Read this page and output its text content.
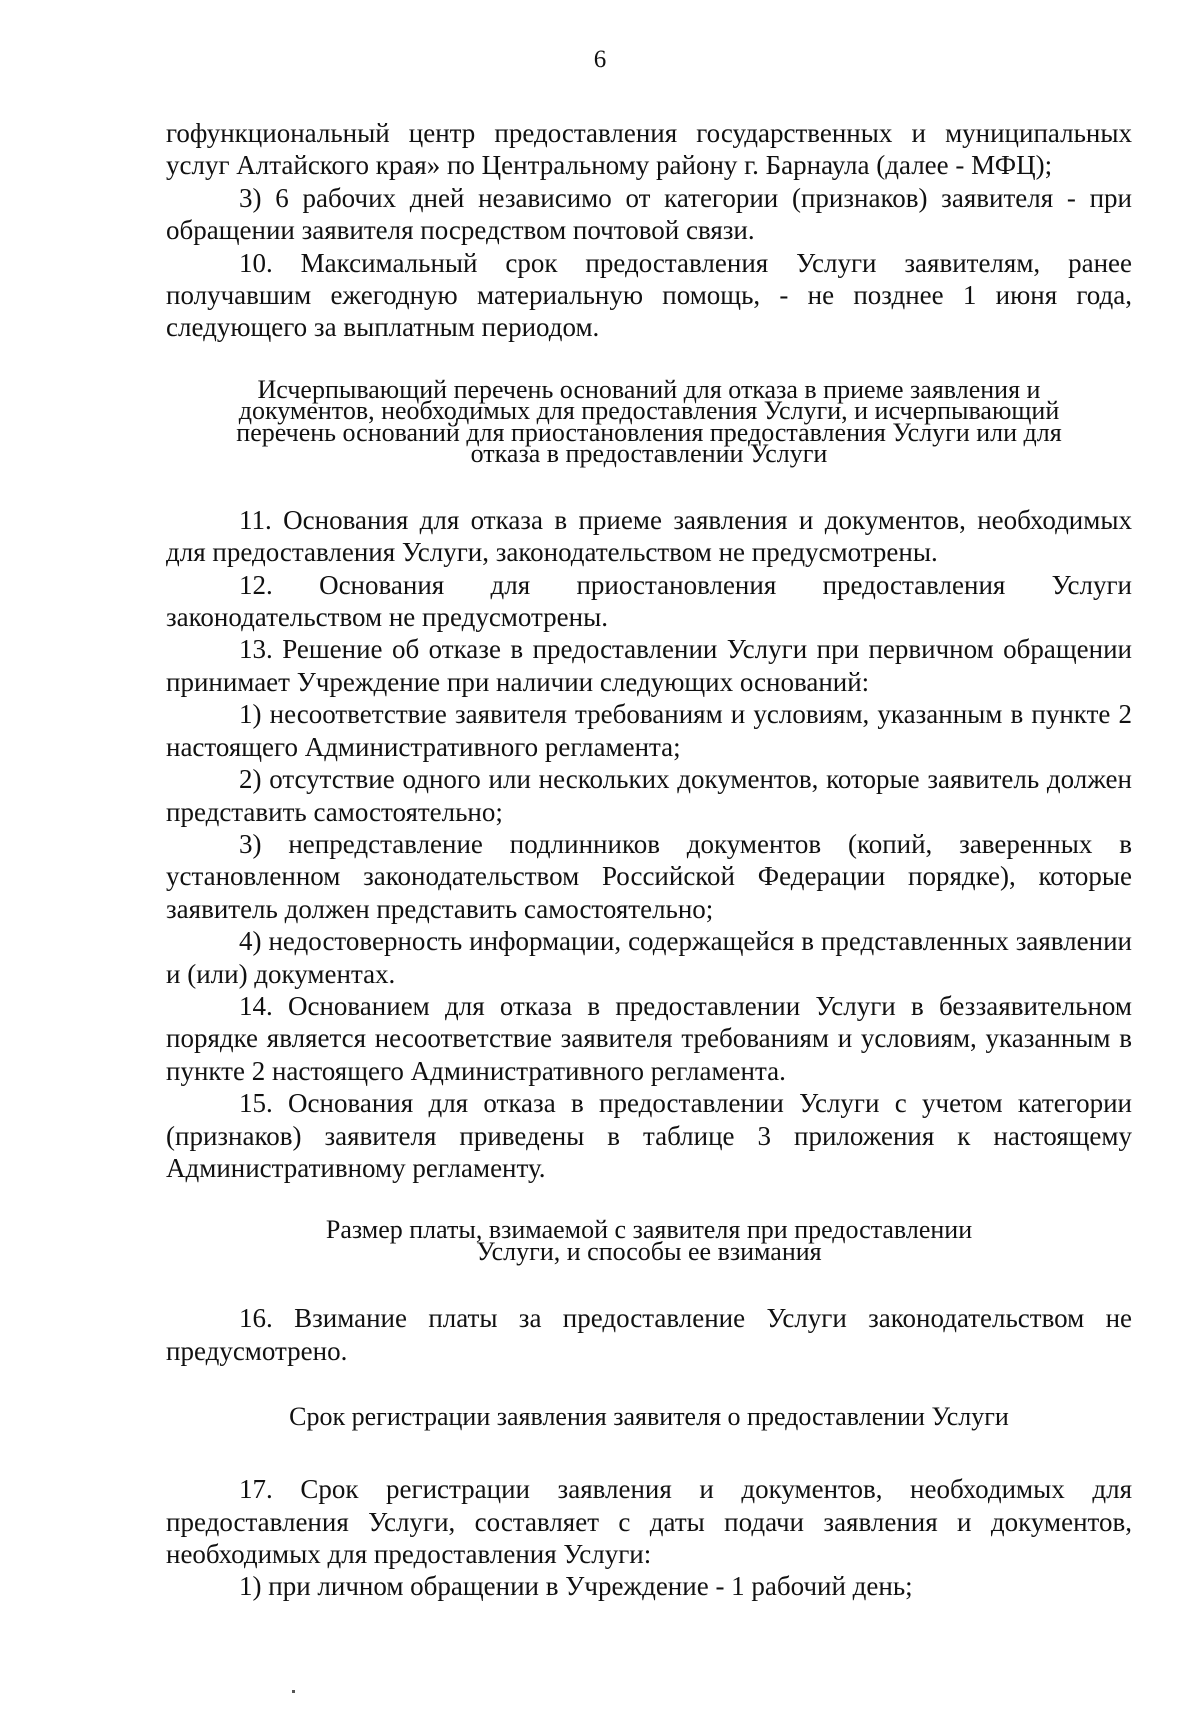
6

гофункциональный центр предоставления государственных и муниципальных услуг Алтайского края» по Центральному району г. Барнаула (далее - МФЦ);

3) 6 рабочих дней независимо от категории (признаков) заявителя - при обращении заявителя посредством почтовой связи.

10. Максимальный срок предоставления Услуги заявителям, ранее получавшим ежегодную материальную помощь, - не позднее 1 июня года, следующего за выплатным периодом.

Исчерпывающий перечень оснований для отказа в приеме заявления и документов, необходимых для предоставления Услуги, и исчерпывающий перечень оснований для приостановления предоставления Услуги или для отказа в предоставлении Услуги

11. Основания для отказа в приеме заявления и документов, необходимых для предоставления Услуги, законодательством не предусмотрены.

12. Основания для приостановления предоставления Услуги законодательством не предусмотрены.

13. Решение об отказе в предоставлении Услуги при первичном обращении принимает Учреждение при наличии следующих оснований:

1) несоответствие заявителя требованиям и условиям, указанным в пункте 2 настоящего Административного регламента;

2) отсутствие одного или нескольких документов, которые заявитель должен представить самостоятельно;

3) непредставление подлинников документов (копий, заверенных в установленном законодательством Российской Федерации порядке), которые заявитель должен представить самостоятельно;

4) недостоверность информации, содержащейся в представленных заявлении и (или) документах.

14. Основанием для отказа в предоставлении Услуги в беззаявительном порядке является несоответствие заявителя требованиям и условиям, указанным в пункте 2 настоящего Административного регламента.

15. Основания для отказа в предоставлении Услуги с учетом категории (признаков) заявителя приведены в таблице 3 приложения к настоящему Административному регламенту.

Размер платы, взимаемой с заявителя при предоставлении

Услуги, и способы ее взимания

16. Взимание платы за предоставление Услуги законодательством не предусмотрено.

Срок регистрации заявления заявителя о предоставлении Услуги

17. Срок регистрации заявления и документов, необходимых для предоставления Услуги, составляет с даты подачи заявления и документов, необходимых для предоставления Услуги:

1) при личном обращении в Учреждение - 1 рабочий день;
